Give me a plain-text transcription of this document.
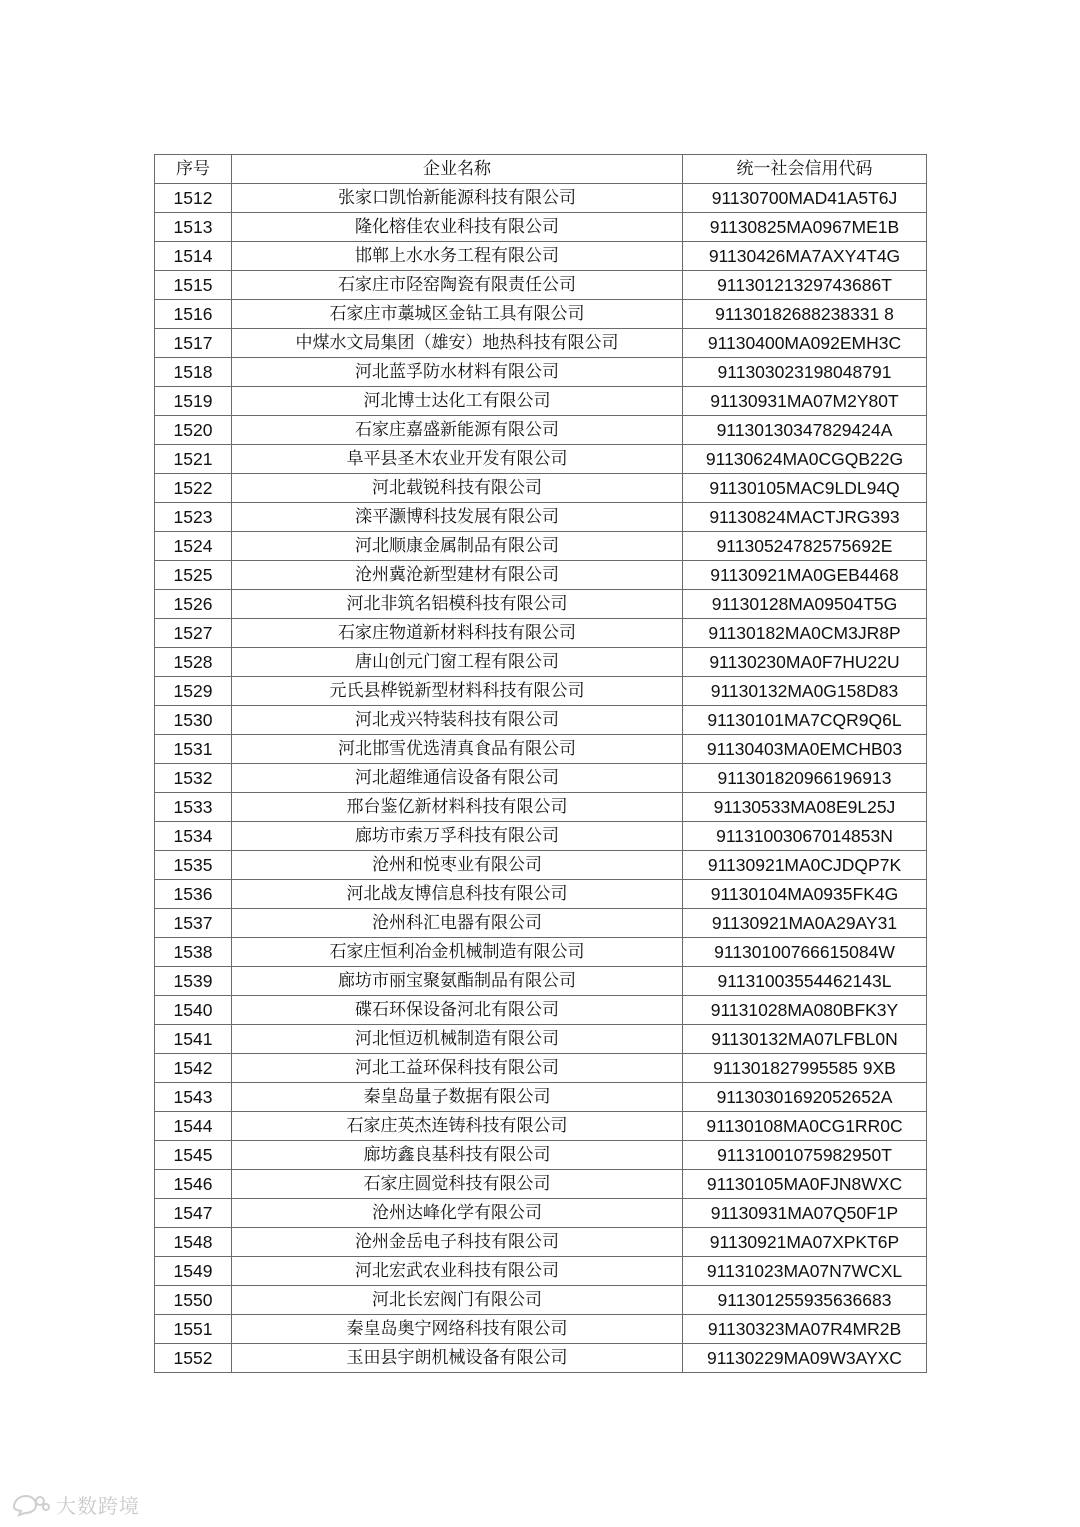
序号	企业名称	统一社会信用代码
1512	张家口凯怡新能源科技有限公司	91130700MAD41A5T6J
1513	隆化榕佳农业科技有限公司	91130825MA0967ME1B
1514	邯郸上水水务工程有限公司	91130426MA7AXY4T4G
1515	石家庄市陉窑陶瓷有限责任公司	91130121329743686T
1516	石家庄市藁城区金钻工具有限公司	91130182688238331 8
1517	中煤水文局集团（雄安）地热科技有限公司	91130400MA092EMH3C
1518	河北蓝孚防水材料有限公司	911303023198048791
1519	河北博士达化工有限公司	91130931MA07M2Y80T
1520	石家庄嘉盛新能源有限公司	91130130347829424A
1521	阜平县圣木农业开发有限公司	91130624MA0CGQB22G
1522	河北载锐科技有限公司	91130105MAC9LDL94Q
1523	滦平灏博科技发展有限公司	91130824MACTJRG393
1524	河北顺康金属制品有限公司	91130524782575692E
1525	沧州冀沧新型建材有限公司	91130921MA0GEB4468
1526	河北非筑名铝模科技有限公司	91130128MA09504T5G
1527	石家庄物道新材料科技有限公司	91130182MA0CM3JR8P
1528	唐山创元门窗工程有限公司	91130230MA0F7HU22U
1529	元氏县桦锐新型材料科技有限公司	91130132MA0G158D83
1530	河北戎兴特装科技有限公司	91130101MA7CQR9Q6L
1531	河北邯雪优选清真食品有限公司	91130403MA0EMCHB03
1532	河北超维通信设备有限公司	911301820966196913
1533	邢台鉴亿新材料科技有限公司	91130533MA08E9L25J
1534	廊坊市索万孚科技有限公司	91131003067014853N
1535	沧州和悦枣业有限公司	91130921MA0CJDQP7K
1536	河北战友博信息科技有限公司	91130104MA0935FK4G
1537	沧州科汇电器有限公司	91130921MA0A29AY31
1538	石家庄恒利冶金机械制造有限公司	91130100766615084W
1539	廊坊市丽宝聚氨酯制品有限公司	91131003554462143L
1540	碟石环保设备河北有限公司	91131028MA080BFK3Y
1541	河北恒迈机械制造有限公司	91130132MA07LFBL0N
1542	河北工益环保科技有限公司	911301827995585 9XB
1543	秦皇岛量子数据有限公司	91130301692052652A
1544	石家庄英杰连铸科技有限公司	91130108MA0CG1RR0C
1545	廊坊鑫良基科技有限公司	91131001075982950T
1546	石家庄圆觉科技有限公司	91130105MA0FJN8WXC
1547	沧州达峰化学有限公司	91130931MA07Q50F1P
1548	沧州金岳电子科技有限公司	91130921MA07XPKT6P
1549	河北宏武农业科技有限公司	91131023MA07N7WCXL
1550	河北长宏阀门有限公司	911301255935636683
1551	秦皇岛奥宁网络科技有限公司	91130323MA07R4MR2B
1552	玉田县宇朗机械设备有限公司	91130229MA09W3AYXC
大数跨境
